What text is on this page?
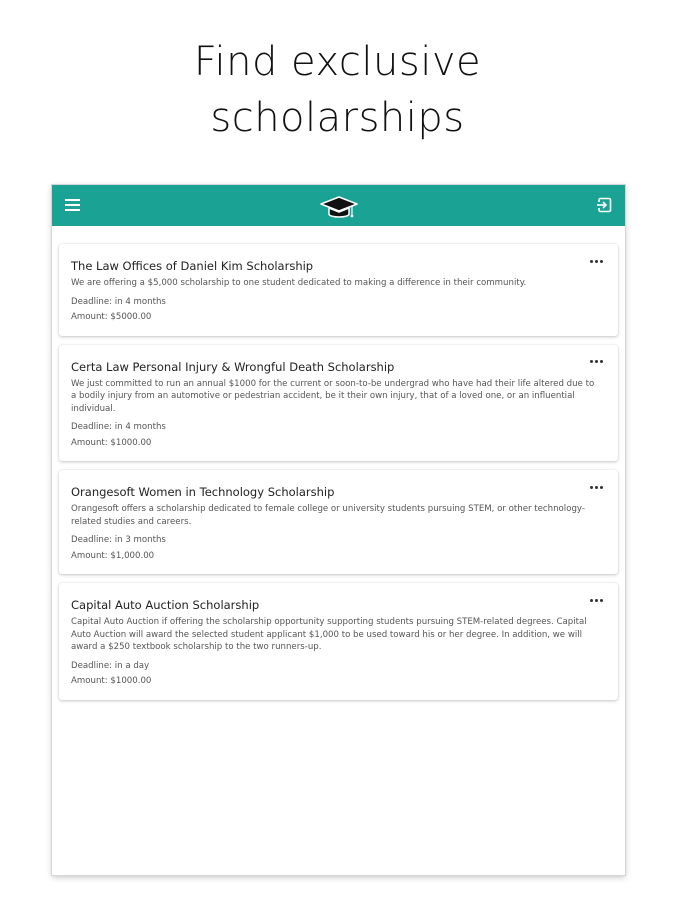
Find exclusive
scholarships
The Law Offices of Daniel Kim Scholarship
We are offering a $5,000 scholarship to one student dedicated to making a difference in their community.
Deadline: in 4 months
Amount: $5000.00
Certa Law Personal Injury & Wrongful Death Scholarship
We just committed to run an annual $1000 for the current or soon-to-be undergrad who have had their life altered due to a bodily injury from an automotive or pedestrian accident, be it their own injury, that of a loved one, or an influential individual.
Deadline: in 4 months
Amount: $1000.00
Orangesoft Women in Technology Scholarship
Orangesoft offers a scholarship dedicated to female college or university students pursuing STEM, or other technology-related studies and careers.
Deadline: in 3 months
Amount: $1,000.00
Capital Auto Auction Scholarship
Capital Auto Auction if offering the scholarship opportunity supporting students pursuing STEM-related degrees. Capital Auto Auction will award the selected student applicant $1,000 to be used toward his or her degree. In addition, we will award a $250 textbook scholarship to the two runners-up.
Deadline: in a day
Amount: $1000.00
